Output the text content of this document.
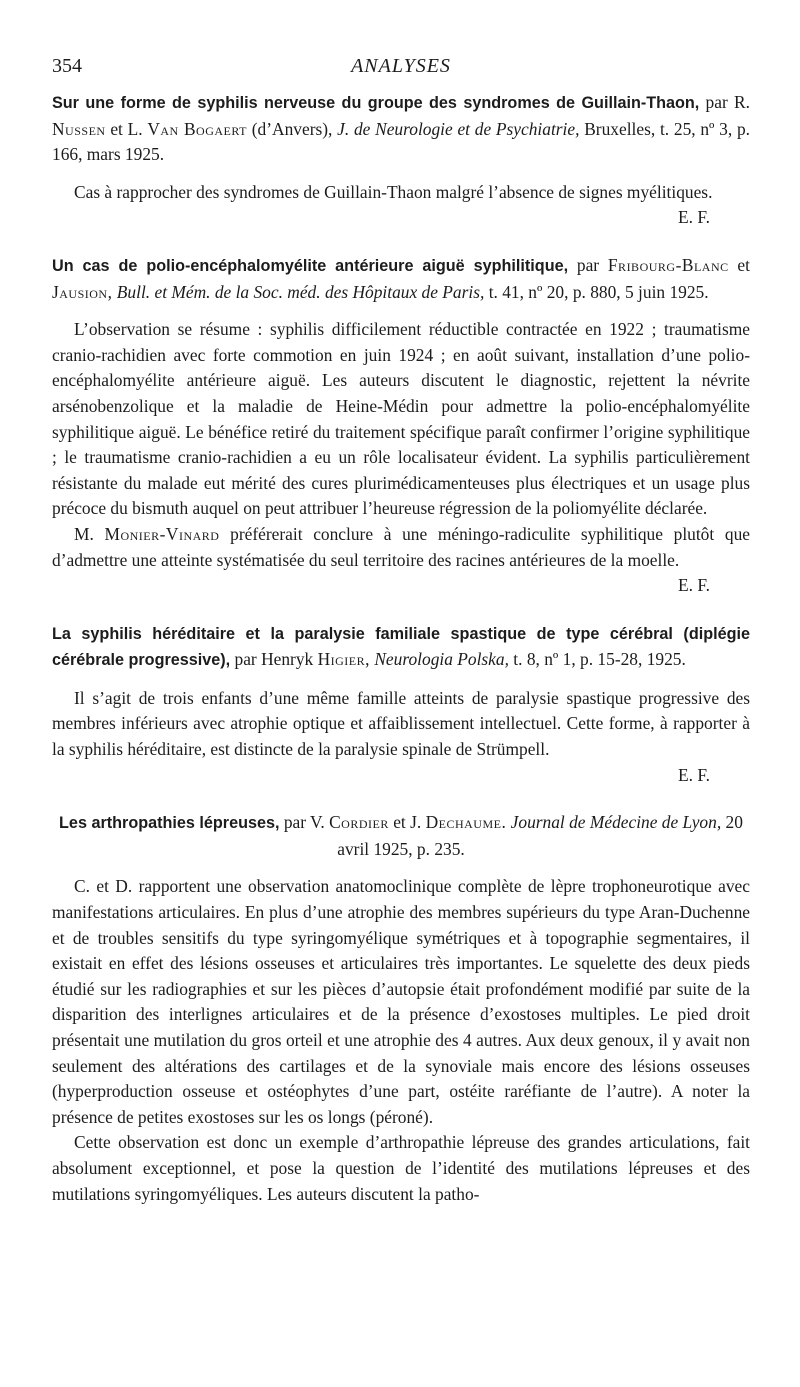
354	ANALYSES
Sur une forme de syphilis nerveuse du groupe des syndromes de Guillain-Thaon, par R. Nussen et L. Van Bogaert (d’Anvers), J. de Neurologie et de Psychiatrie, Bruxelles, t. 25, nº 3, p. 166, mars 1925.

Cas à rapprocher des syndromes de Guillain-Thaon malgré l’absence de signes myélitiques.

E. F.
Un cas de polio-encéphalomyélite antérieure aiguë syphilitique, par Fribourg-Blanc et Jausion, Bull. et Mém. de la Soc. méd. des Hôpitaux de Paris, t. 41, nº 20, p. 880, 5 juin 1925.

L’observation se résume : syphilis difficilement réductible contractée en 1922 ; traumatisme cranio-rachidien avec forte commotion en juin 1924 ; en août suivant, installation d’une polio-encéphalomyélite antérieure aiguë. Les auteurs discutent le diagnostic, rejettent la névrite arsénobenzolique et la maladie de Heine-Médin pour admettre la polio-encéphalomyélite syphilitique aiguë. Le bénéfice retiré du traitement spécifique paraît confirmer l’origine syphilitique ; le traumatisme cranio-rachidien a eu un rôle localisateur évident. La syphilis particulièrement résistante du malade eut mérité des cures plurimédicamenteuses plus électriques et un usage plus précoce du bismuth auquel on peut attribuer l’heureuse régression de la poliomyélite déclarée.

M. Monier-Vinard préférerait conclure à une méningo-radiculite syphilitique plutôt que d’admettre une atteinte systématisée du seul territoire des racines antérieures de la moelle.

E. F.
La syphilis héréditaire et la paralysie familiale spastique de type cérébral (diplégie cérébrale progressive), par Henryk Higier, Neurologia Polska, t. 8, nº 1, p. 15-28, 1925.

Il s’agit de trois enfants d’une même famille atteints de paralysie spastique progressive des membres inférieurs avec atrophie optique et affaiblissement intellectuel. Cette forme, à rapporter à la syphilis héréditaire, est distincte de la paralysie spinale de Strümpell.

E. F.
Les arthropathies lépreuses, par V. Cordier et J. Dechaume. Journal de Médecine de Lyon, 20 avril 1925, p. 235.

C. et D. rapportent une observation anatomoclinique complète de lèpre trophoneurotique avec manifestations articulaires. En plus d’une atrophie des membres supérieurs du type Aran-Duchenne et de troubles sensitifs du type syringomyélique symétriques et à topographie segmentaires, il existait en effet des lésions osseuses et articulaires très importantes. Le squelette des deux pieds étudié sur les radiographies et sur les pièces d’autopsie était profondément modifié par suite de la disparition des interlignes articulaires et de la présence d’exostoses multiples. Le pied droit présentait une mutilation du gros orteil et une atrophie des 4 autres. Aux deux genoux, il y avait non seulement des altérations des cartilages et de la synoviale mais encore des lésions osseuses (hyperproduction osseuse et ostéophytes d’une part, ostéite raréfiante de l’autre). A noter la présence de petites exostoses sur les os longs (péroné).

Cette observation est donc un exemple d’arthropathie lépreuse des grandes articulations, fait absolument exceptionnel, et pose la question de l’identité des mutilations lépreuses et des mutilations syringomyéliques. Les auteurs discutent la patho-
